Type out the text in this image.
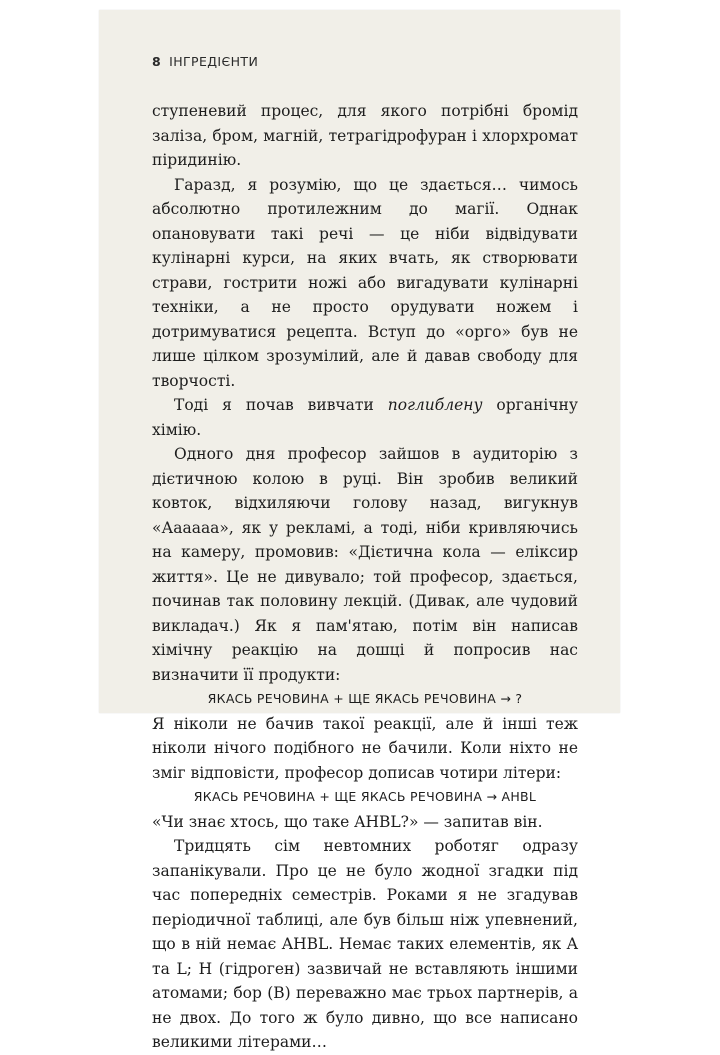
8 ІНГРЕДІЄНТИ

ступеневий процес, для якого потрібні бромід заліза, бром, магній, тетрагідрофуран і хлорхромат піридинію.

Гаразд, я розумію, що це здається… чимось абсолютно протилежним до магії. Однак опановувати такі речі — це ніби відвідувати кулінарні курси, на яких вчать, як створювати страви, гострити ножі або вигадувати кулінарні техніки, а не просто орудувати ножем і дотримуватися рецепта. Вступ до «орго» був не лише цілком зрозумілий, але й давав свободу для творчості.

Тоді я почав вивчати поглиблену органічну хімію.

Одного дня професор зайшов в аудиторію з дієтичною колою в руці. Він зробив великий ковток, відхиляючи голову назад, вигукнув «Аааааа», як у рекламі, а тоді, ніби кривляючись на камеру, промовив: «Дієтична кола — еліксир життя». Це не дивувало; той професор, здається, починав так половину лекцій. (Дивак, але чудовий викладач.) Як я пам'ятаю, потім він написав хімічну реакцію на дошці й попросив нас визначити її продукти:

ЯКАСЬ РЕЧОВИНА + ЩЕ ЯКАСЬ РЕЧОВИНА → ?

Я ніколи не бачив такої реакції, але й інші теж ніколи нічого подібного не бачили. Коли ніхто не зміг відповісти, професор дописав чотири літери:

ЯКАСЬ РЕЧОВИНА + ЩЕ ЯКАСЬ РЕЧОВИНА → AHBL

«Чи знає хтось, що таке AHBL?» — запитав він.

Тридцять сім невтомних роботяг одразу запанікували. Про це не було жодної згадки під час попередніх семестрів. Роками я не згадував періодичної таблиці, але був більш ніж упевнений, що в ній немає AHBL. Немає таких елементів, як A та L; H (гідроген) зазвичай не вставляють іншими атомами; бор (B) переважно має трьох партнерів, а не двох. До того ж було дивно, що все написано великими літерами…
